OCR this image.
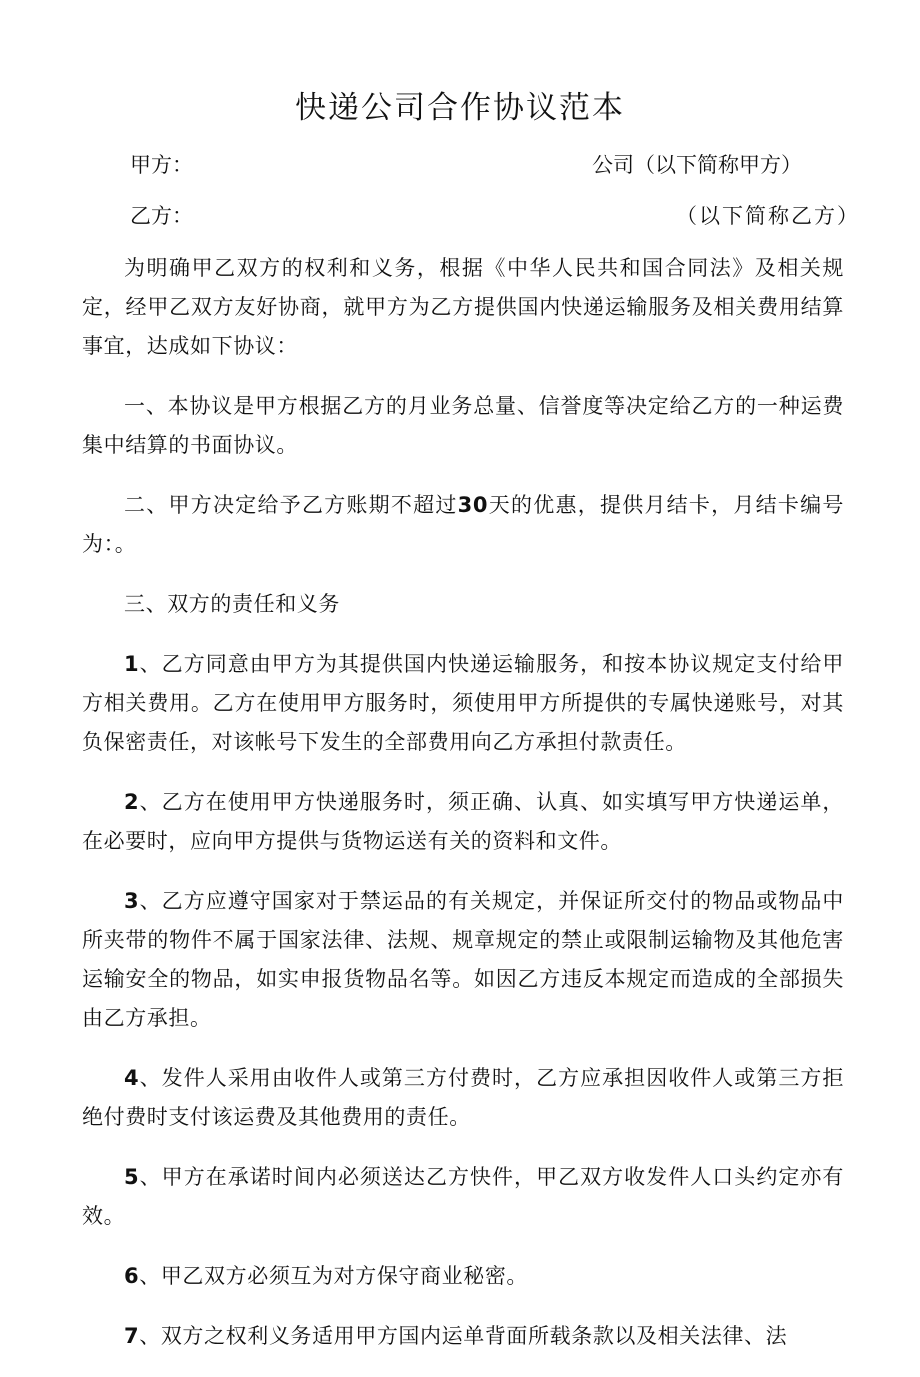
快递公司合作协议范本
甲方：	公司（以下简称甲方）
乙方：	（以下简称乙方）

为明确甲乙双方的权利和义务，根据《中华人民共和国合同法》及相关规定，经甲乙双方友好协商，就甲方为乙方提供国内快递运输服务及相关费用结算事宜，达成如下协议：

一、本协议是甲方根据乙方的月业务总量、信誉度等决定给乙方的一种运费集中结算的书面协议。

二、甲方决定给予乙方账期不超过30天的优惠，提供月结卡，月结卡编号为：。

三、双方的责任和义务

1、乙方同意由甲方为其提供国内快递运输服务，和按本协议规定支付给甲方相关费用。乙方在使用甲方服务时，须使用甲方所提供的专属快递账号，对其负保密责任，对该帐号下发生的全部费用向乙方承担付款责任。

2、乙方在使用甲方快递服务时，须正确、认真、如实填写甲方快递运单，在必要时，应向甲方提供与货物运送有关的资料和文件。

3、乙方应遵守国家对于禁运品的有关规定，并保证所交付的物品或物品中所夹带的物件不属于国家法律、法规、规章规定的禁止或限制运输物及其他危害运输安全的物品，如实申报货物品名等。如因乙方违反本规定而造成的全部损失由乙方承担。

4、发件人采用由收件人或第三方付费时，乙方应承担因收件人或第三方拒绝付费时支付该运费及其他费用的责任。

5、甲方在承诺时间内必须送达乙方快件，甲乙双方收发件人口头约定亦有效。

6、甲乙双方必须互为对方保守商业秘密。

7、双方之权利义务适用甲方国内运单背面所载条款以及相关法律、法
